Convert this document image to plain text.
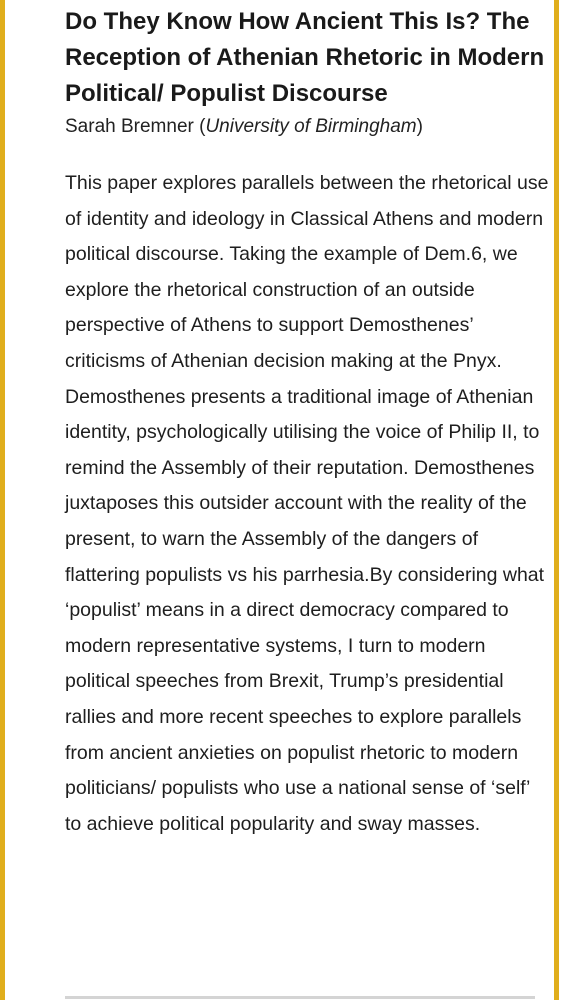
Do They Know How Ancient This Is? The Reception of Athenian Rhetoric in Modern Political/ Populist Discourse

Sarah Bremner (University of Birmingham)

This paper explores parallels between the rhetorical use of identity and ideology in Classical Athens and modern political discourse. Taking the example of Dem.6, we explore the rhetorical construction of an outside perspective of Athens to support Demosthenes’ criticisms of Athenian decision making at the Pnyx. Demosthenes presents a traditional image of Athenian identity, psychologically utilising the voice of Philip II, to remind the Assembly of their reputation. Demosthenes juxtaposes this outsider account with the reality of the present, to warn the Assembly of the dangers of flattering populists vs his parrhesia.By considering what ‘populist’ means in a direct democracy compared to modern representative systems, I turn to modern political speeches from Brexit, Trump’s presidential rallies and more recent speeches to explore parallels from ancient anxieties on populist rhetoric to modern politicians/ populists who use a national sense of ‘self’ to achieve political popularity and sway masses.
